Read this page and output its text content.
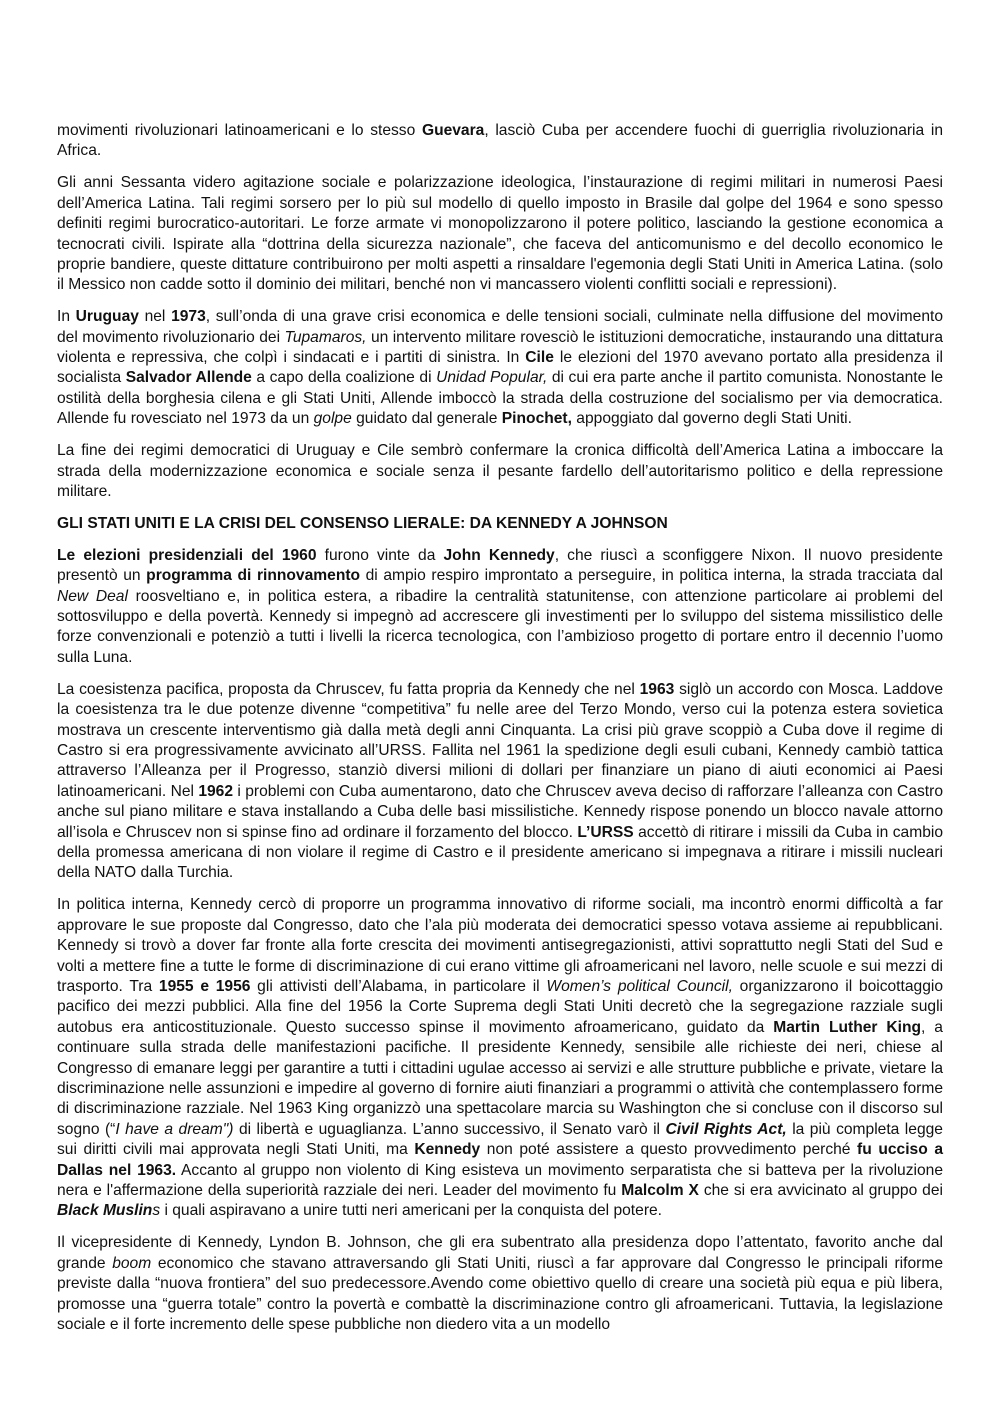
movimenti rivoluzionari latinoamericani e lo stesso Guevara, lasciò Cuba per accendere fuochi di guerriglia rivoluzionaria in Africa.

Gli anni Sessanta videro agitazione sociale e polarizzazione ideologica, l’instaurazione di regimi militari in numerosi Paesi dell’America Latina. Tali regimi sorsero per lo più sul modello di quello imposto in Brasile dal golpe del 1964 e sono spesso definiti regimi burocratico-autoritari. Le forze armate vi monopolizzarono il potere politico, lasciando la gestione economica a tecnocrati civili. Ispirate alla “dottrina della sicurezza nazionale”, che faceva del anticomunismo e del decollo economico le proprie bandiere, queste dittature contribuirono per molti aspetti a rinsaldare l'egemonia degli Stati Uniti in America Latina. (solo il Messico non cadde sotto il dominio dei militari, benché non vi mancassero violenti conflitti sociali e repressioni).

In Uruguay nel 1973, sull’onda di una grave crisi economica e delle tensioni sociali, culminate nella diffusione del movimento del movimento rivoluzionario dei Tupamaros, un intervento militare rovesciò le istituzioni democratiche, instaurando una dittatura violenta e repressiva, che colpì i sindacati e i partiti di sinistra. In Cile le elezioni del 1970 avevano portato alla presidenza il socialista Salvador Allende a capo della coalizione di Unidad Popular, di cui era parte anche il partito comunista. Nonostante le ostilità della borghesia cilena e gli Stati Uniti, Allende imboccò la strada della costruzione del socialismo per via democratica. Allende fu rovesciato nel 1973 da un golpe guidato dal generale Pinochet, appoggiato dal governo degli Stati Uniti.

La fine dei regimi democratici di Uruguay e Cile sembrò confermare la cronica difficoltà dell’America Latina a imboccare la strada della modernizzazione economica e sociale senza il pesante fardello dell’autoritarismo politico e della repressione militare.

GLI STATI UNITI E LA CRISI DEL CONSENSO LIERALE: DA KENNEDY A JOHNSON

Le elezioni presidenziali del 1960 furono vinte da John Kennedy, che riuscì a sconfiggere Nixon. Il nuovo presidente presentò un programma di rinnovamento di ampio respiro improntato a perseguire, in politica interna, la strada tracciata dal New Deal roosveltiano e, in politica estera, a ribadire la centralità statunitense, con attenzione particolare ai problemi del sottosviluppo e della povertà. Kennedy si impegnò ad accrescere gli investimenti per lo sviluppo del sistema missilistico delle forze convenzionali e potenziò a tutti i livelli la ricerca tecnologica, con l’ambizioso progetto di portare entro il decennio l’uomo sulla Luna.

La coesistenza pacifica, proposta da Chruscev, fu fatta propria da Kennedy che nel 1963 siglò un accordo con Mosca. Laddove la coesistenza tra le due potenze divenne “competitiva” fu nelle aree del Terzo Mondo, verso cui la potenza estera sovietica mostrava un crescente interventismo già dalla metà degli anni Cinquanta. La crisi più grave scoppiò a Cuba dove il regime di Castro si era progressivamente avvicinato all’URSS. Fallita nel 1961 la spedizione degli esuli cubani, Kennedy cambiò tattica attraverso l’Alleanza per il Progresso, stanziò diversi milioni di dollari per finanziare un piano di aiuti economici ai Paesi latinoamericani. Nel 1962 i problemi con Cuba aumentarono, dato che Chruscev aveva deciso di rafforzare l’alleanza con Castro anche sul piano militare e stava installando a Cuba delle basi missilistiche. Kennedy rispose ponendo un blocco navale attorno all’isola e Chruscev non si spinse fino ad ordinare il forzamento del blocco. L’URSS accettò di ritirare i missili da Cuba in cambio della promessa americana di non violare il regime di Castro e il presidente americano si impegnava a ritirare i missili nucleari della NATO dalla Turchia.

In politica interna, Kennedy cercò di proporre un programma innovativo di riforme sociali, ma incontrò enormi difficoltà a far approvare le sue proposte dal Congresso, dato che l’ala più moderata dei democratici spesso votava assieme ai repubblicani. Kennedy si trovò a dover far fronte alla forte crescita dei movimenti antisegregazionisti, attivi soprattutto negli Stati del Sud e volti a mettere fine a tutte le forme di discriminazione di cui erano vittime gli afroamericani nel lavoro, nelle scuole e sui mezzi di trasporto. Tra 1955 e 1956 gli attivisti dell’Alabama, in particolare il Women’s political Council, organizzarono il boicottaggio pacifico dei mezzi pubblici. Alla fine del 1956 la Corte Suprema degli Stati Uniti decretò che la segregazione razziale sugli autobus era anticostituzionale. Questo successo spinse il movimento afroamericano, guidato da Martin Luther King, a continuare sulla strada delle manifestazioni pacifiche. Il presidente Kennedy, sensibile alle richieste dei neri, chiese al Congresso di emanare leggi per garantire a tutti i cittadini ugulae accesso ai servizi e alle strutture pubbliche e private, vietare la discriminazione nelle assunzioni e impedire al governo di fornire aiuti finanziari a programmi o attività che contemplassero forme di discriminazione razziale. Nel 1963 King organizzò una spettacolare marcia su Washington che si concluse con il discorso sul sogno (“I have a dream") di libertà e uguaglianza. L’anno successivo, il Senato varò il Civil Rights Act, la più completa legge sui diritti civili mai approvata negli Stati Uniti, ma Kennedy non poté assistere a questo provvedimento perché fu ucciso a Dallas nel 1963. Accanto al gruppo non violento di King esisteva un movimento serparatista che si batteva per la rivoluzione nera e l'affermazione della superiorità razziale dei neri. Leader del movimento fu Malcolm X che si era avvicinato al gruppo dei Black Muslins i quali aspiravano a unire tutti neri americani per la conquista del potere.

Il vicepresidente di Kennedy, Lyndon B. Johnson, che gli era subentrato alla presidenza dopo l’attentato, favorito anche dal grande boom economico che stavano attraversando gli Stati Uniti, riuscì a far approvare dal Congresso le principali riforme previste dalla “nuova frontiera” del suo predecessore.Avendo come obiettivo quello di creare una società più equa e più libera, promosse una “guerra totale” contro la povertà e combattè la discriminazione contro gli afroamericani. Tuttavia, la legislazione sociale e il forte incremento delle spese pubbliche non diedero vita a un modello
